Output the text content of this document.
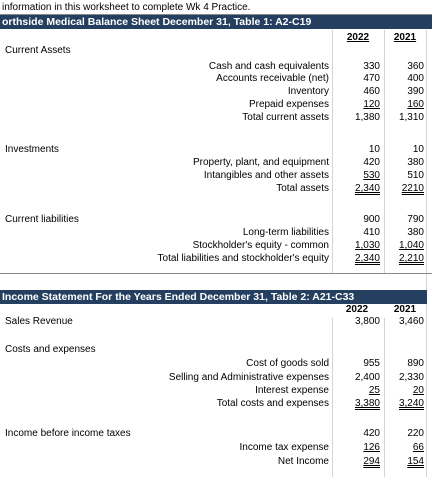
information in this worksheet to complete Wk 4 Practice.
orthside Medical Balance Sheet December 31, Table 1: A2-C19
2022	2021
Current Assets
Cash and cash equivalents	330	360
Accounts receivable (net)	470	400
Inventory	460	390
Prepaid expenses	120	160
Total current assets	1,380	1,310
Investments	10	10
Property, plant, and equipment	420	380
Intangibles and other assets	530	510
Total assets	2,340	2210
Current liabilities	900	790
Long-term liabilities	410	380
Stockholder's equity - common	1,030	1,040
Total liabilities and stockholder's equity	2,340	2,210
Income Statement For the Years Ended December 31, Table 2: A21-C33
2022	2021
Sales Revenue	3,800	3,460
Costs and expenses
Cost of goods sold	955	890
Selling and Administrative expenses	2,400	2,330
Interest expense	25	20
Total costs and expenses	3,380	3,240
Income before income taxes	420	220
Income tax expense	126	66
Net Income	294	154
